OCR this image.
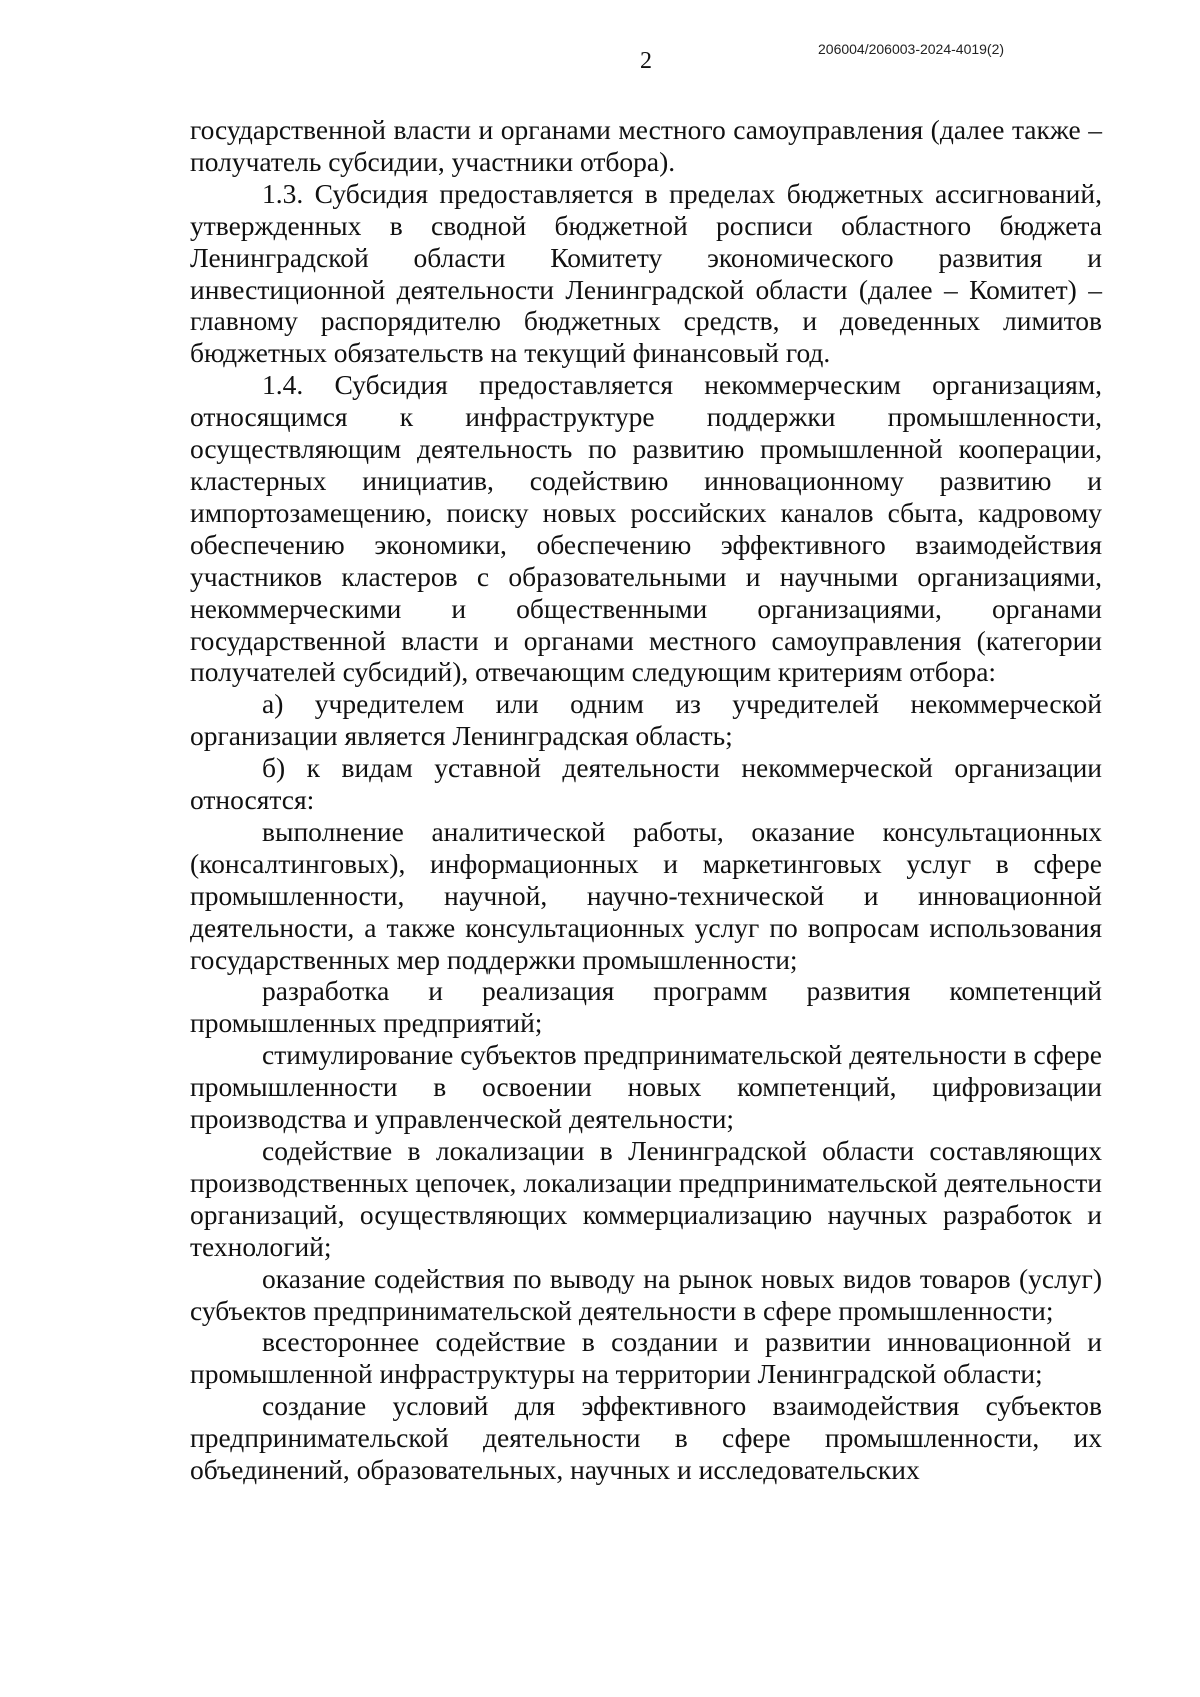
2	206004/206003-2024-4019(2)

государственной власти и органами местного самоуправления (далее также – получатель субсидии, участники отбора).

1.3. Субсидия предоставляется в пределах бюджетных ассигнований, утвержденных в сводной бюджетной росписи областного бюджета Ленинградской области Комитету экономического развития и инвестиционной деятельности Ленинградской области (далее – Комитет) – главному распорядителю бюджетных средств, и доведенных лимитов бюджетных обязательств на текущий финансовый год.

1.4. Субсидия предоставляется некоммерческим организациям, относящимся к инфраструктуре поддержки промышленности, осуществляющим деятельность по развитию промышленной кооперации, кластерных инициатив, содействию инновационному развитию и импортозамещению, поиску новых российских каналов сбыта, кадровому обеспечению экономики, обеспечению эффективного взаимодействия участников кластеров с образовательными и научными организациями, некоммерческими и общественными организациями, органами государственной власти и органами местного самоуправления (категории получателей субсидий), отвечающим следующим критериям отбора:

а) учредителем или одним из учредителей некоммерческой организации является Ленинградская область;

б) к видам уставной деятельности некоммерческой организации относятся:

выполнение аналитической работы, оказание консультационных (консалтинговых), информационных и маркетинговых услуг в сфере промышленности, научной, научно-технической и инновационной деятельности, а также консультационных услуг по вопросам использования государственных мер поддержки промышленности;

разработка и реализация программ развития компетенций промышленных предприятий;

стимулирование субъектов предпринимательской деятельности в сфере промышленности в освоении новых компетенций, цифровизации производства и управленческой деятельности;

содействие в локализации в Ленинградской области составляющих производственных цепочек, локализации предпринимательской деятельности организаций, осуществляющих коммерциализацию научных разработок и технологий;

оказание содействия по выводу на рынок новых видов товаров (услуг) субъектов предпринимательской деятельности в сфере промышленности;

всестороннее содействие в создании и развитии инновационной и промышленной инфраструктуры на территории Ленинградской области;

создание условий для эффективного взаимодействия субъектов предпринимательской деятельности в сфере промышленности, их объединений, образовательных, научных и исследовательских
